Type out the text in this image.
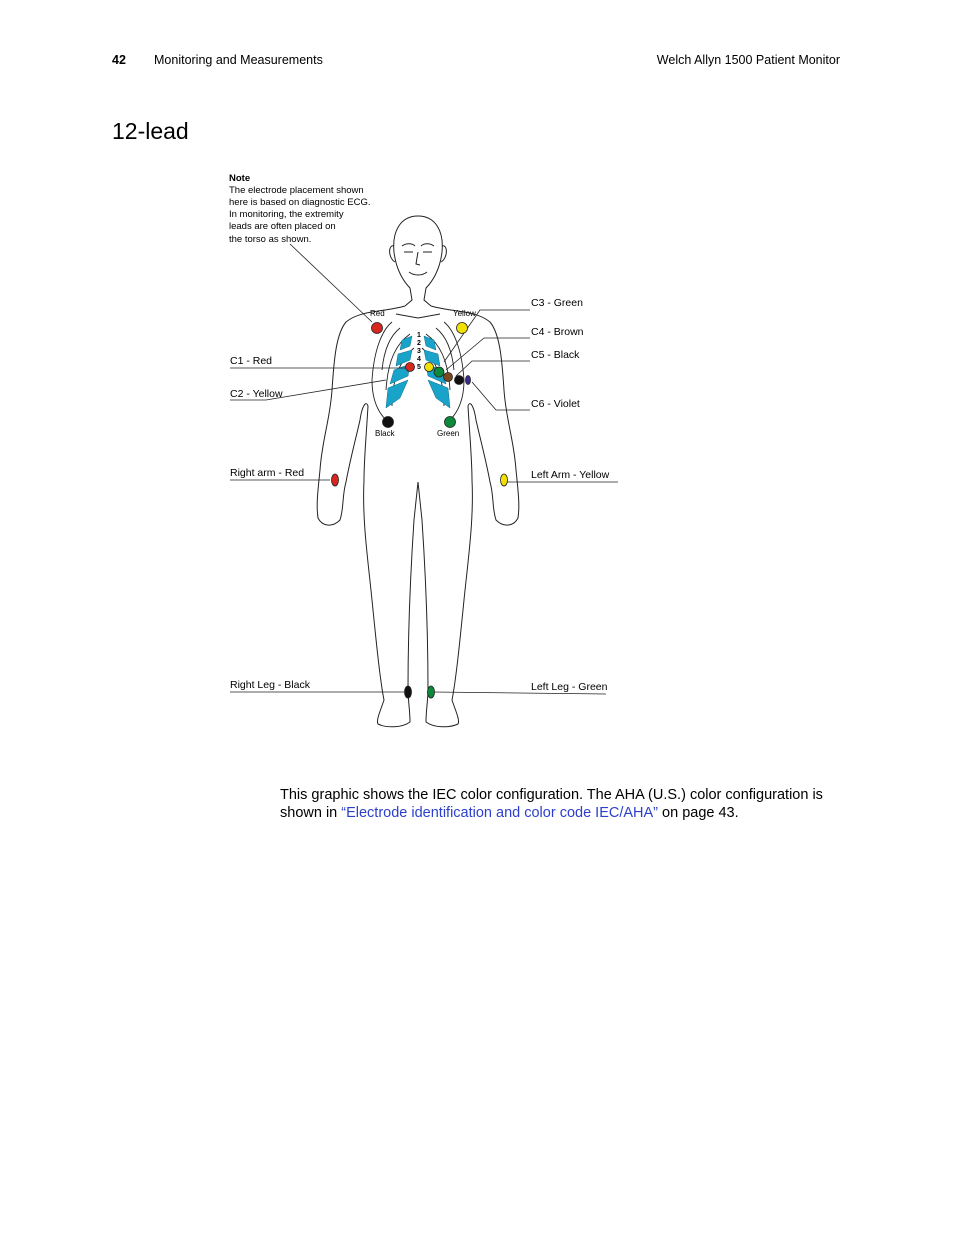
42 Monitoring and Measurements	Welch Allyn 1500 Patient Monitor
12-lead
Note
The electrode placement shown
here is based on diagnostic ECG.
In monitoring, the extremity
leads are often placed on
the torso as shown.
1
2
3
4
5
Red	Yellow
Black	Green
C3 - Green
C4 - Brown
C5 - Black
C6 - Violet
C1 - Red
C2 - Yellow
Right arm - Red	Left Arm - Yellow
Right Leg - Black	Left Leg - Green

This graphic shows the IEC color configuration. The AHA (U.S.) color configuration is shown in “Electrode identification and color code IEC/AHA” on page 43.
